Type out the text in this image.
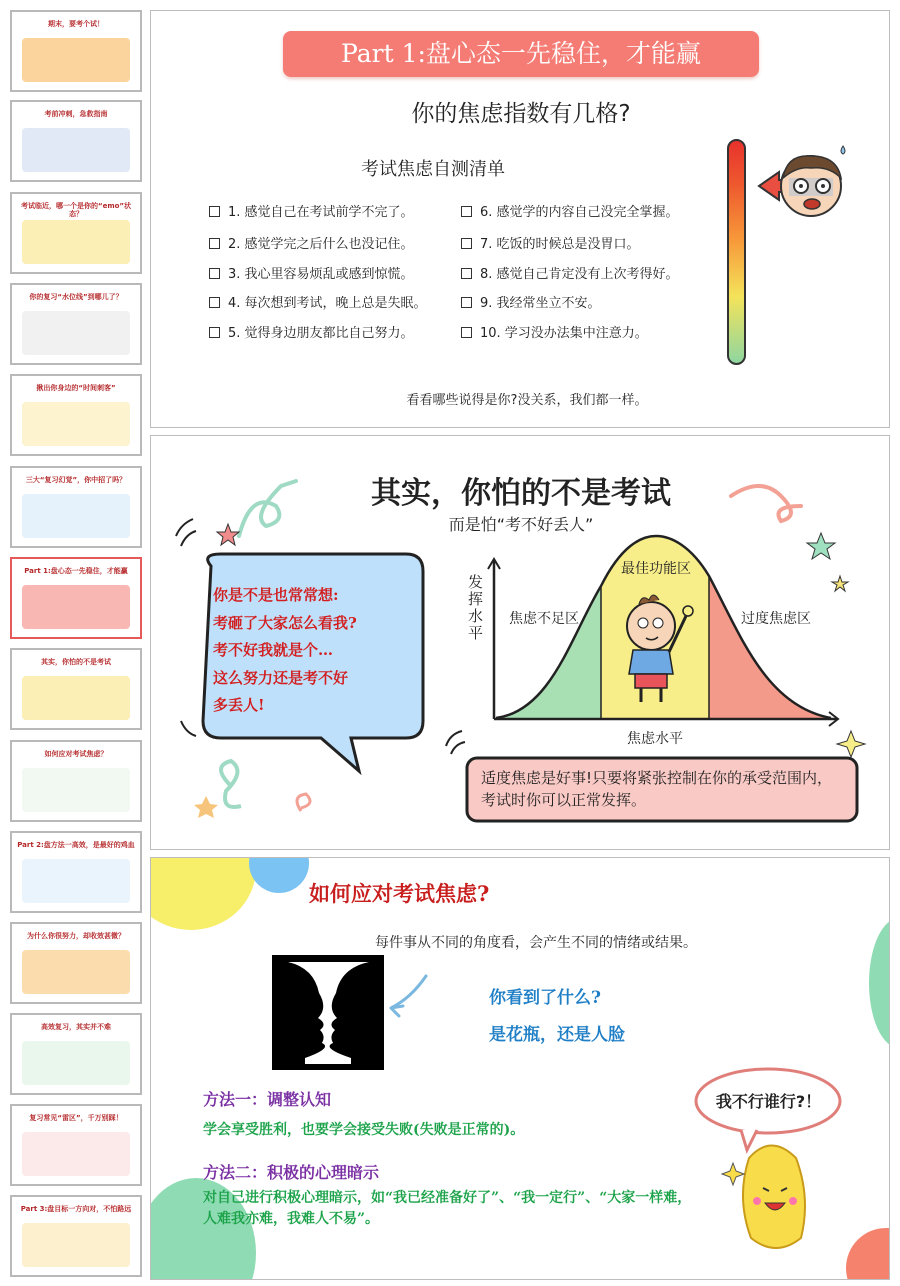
期末，要考个试！
考前冲刺，急救指南
考试临近，哪一个是你的“emo”状态？
你的复习“水位线”到哪儿了？
揪出你身边的“时间刺客”
三大“复习幻觉”，你中招了吗？
Part 1:盘心态一先稳住，才能赢
其实，你怕的不是考试
如何应对考试焦虑？
Part 2:盘方法一高效，是最好的鸡血
为什么你很努力，却收效甚微？
高效复习，其实并不难
复习常见“雷区”，千万别踩！
Part 3:盘目标一方向对，不怕路远
Part 1:盘心态一先稳住，才能赢
你的焦虑指数有几格?
考试焦虑自测清单
1. 感觉自己在考试前学不完了。
2. 感觉学完之后什么也没记住。
3. 我心里容易烦乱或感到惊慌。
4. 每次想到考试，晚上总是失眠。
5. 觉得身边朋友都比自己努力。
6. 感觉学的内容自己没完全掌握。
7. 吃饭的时候总是没胃口。
8. 感觉自己肯定没有上次考得好。
9. 我经常坐立不安。
10. 学习没办法集中注意力。
看看哪些说得是你?没关系，我们都一样。
其实，你怕的不是考试
而是怕“考不好丢人”
你是不是也常常想:
考砸了大家怎么看我?
考不好我就是个…
这么努力还是考不好
多丢人!
发挥水平
最佳功能区
焦虑不足区	过度焦虑区
焦虑水平
适度焦虑是好事!只要将紧张控制在你的承受范围内，考试时你可以正常发挥。
如何应对考试焦虑?
每件事从不同的角度看，会产生不同的情绪或结果。
你看到了什么?
是花瓶，还是人脸
方法一：调整认知
学会享受胜利，也要学会接受失败(失败是正常的)。
方法二：积极的心理暗示
对自己进行积极心理暗示，如“我已经准备好了”、“我一定行”、“大家一样难，人难我亦难，我难人不易”。
我不行谁行?！
